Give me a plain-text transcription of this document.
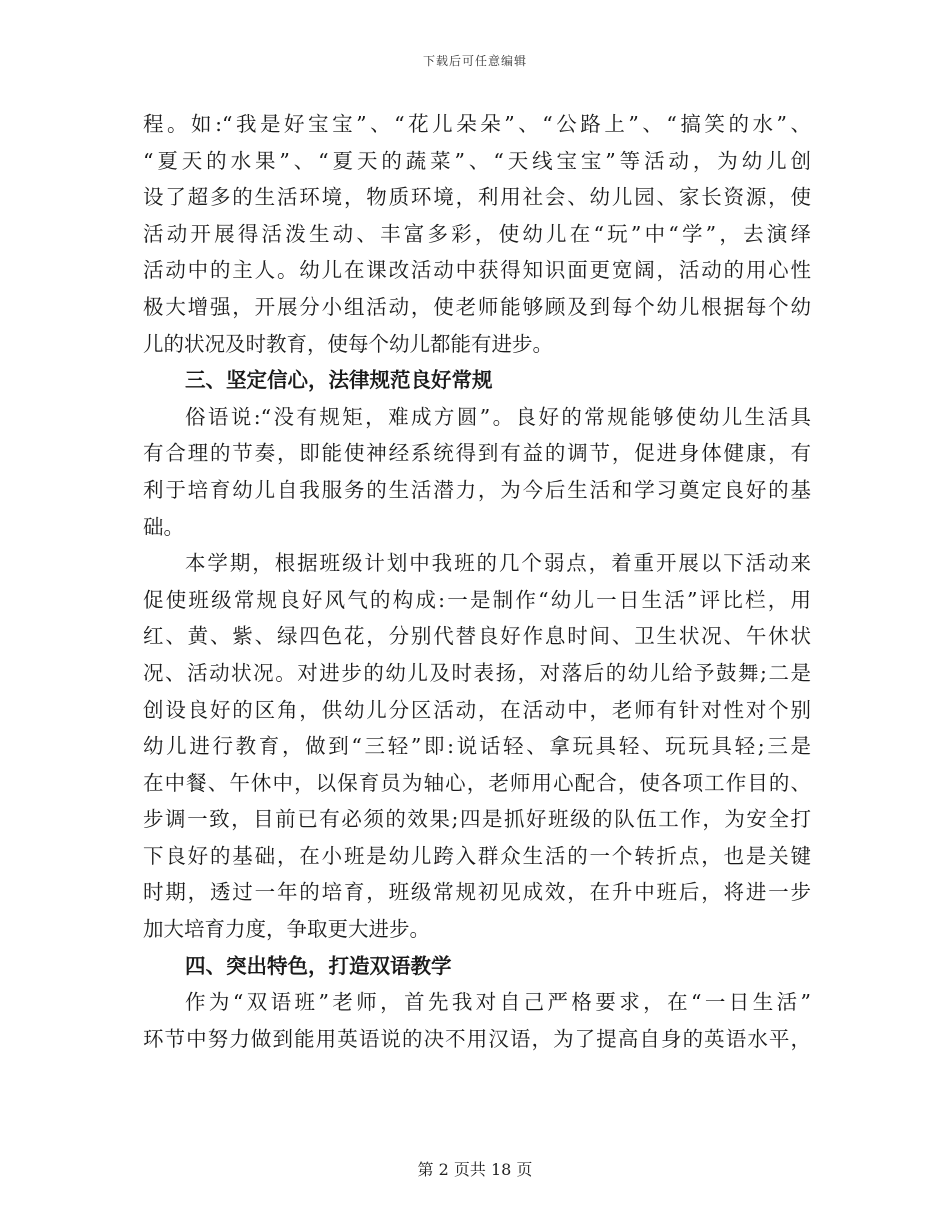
下载后可任意编辑
程。如:“我是好宝宝”、“花儿朵朵”、“公路上”、“搞笑的水”、
“夏天的水果”、“夏天的蔬菜”、“天线宝宝”等活动，为幼儿创
设了超多的生活环境，物质环境，利用社会、幼儿园、家长资源，使
活动开展得活泼生动、丰富多彩，使幼儿在“玩”中“学”，去演绎
活动中的主人。幼儿在课改活动中获得知识面更宽阔，活动的用心性
极大增强，开展分小组活动，使老师能够顾及到每个幼儿根据每个幼
儿的状况及时教育，使每个幼儿都能有进步。
三、坚定信心，法律规范良好常规
俗语说:“没有规矩，难成方圆”。良好的常规能够使幼儿生活具
有合理的节奏，即能使神经系统得到有益的调节，促进身体健康，有
利于培育幼儿自我服务的生活潜力，为今后生活和学习奠定良好的基
础。
本学期，根据班级计划中我班的几个弱点，着重开展以下活动来
促使班级常规良好风气的构成:一是制作“幼儿一日生活”评比栏，用
红、黄、紫、绿四色花，分别代替良好作息时间、卫生状况、午休状
况、活动状况。对进步的幼儿及时表扬，对落后的幼儿给予鼓舞;二是
创设良好的区角，供幼儿分区活动，在活动中，老师有针对性对个别
幼儿进行教育，做到“三轻”即:说话轻、拿玩具轻、玩玩具轻;三是
在中餐、午休中，以保育员为轴心，老师用心配合，使各项工作目的、
步调一致，目前已有必须的效果;四是抓好班级的队伍工作，为安全打
下良好的基础，在小班是幼儿跨入群众生活的一个转折点，也是关键
时期，透过一年的培育，班级常规初见成效，在升中班后，将进一步
加大培育力度，争取更大进步。
四、突出特色，打造双语教学
作为“双语班”老师，首先我对自己严格要求，在“一日生活”
环节中努力做到能用英语说的决不用汉语，为了提高自身的英语水平，
第 2 页共 18 页
